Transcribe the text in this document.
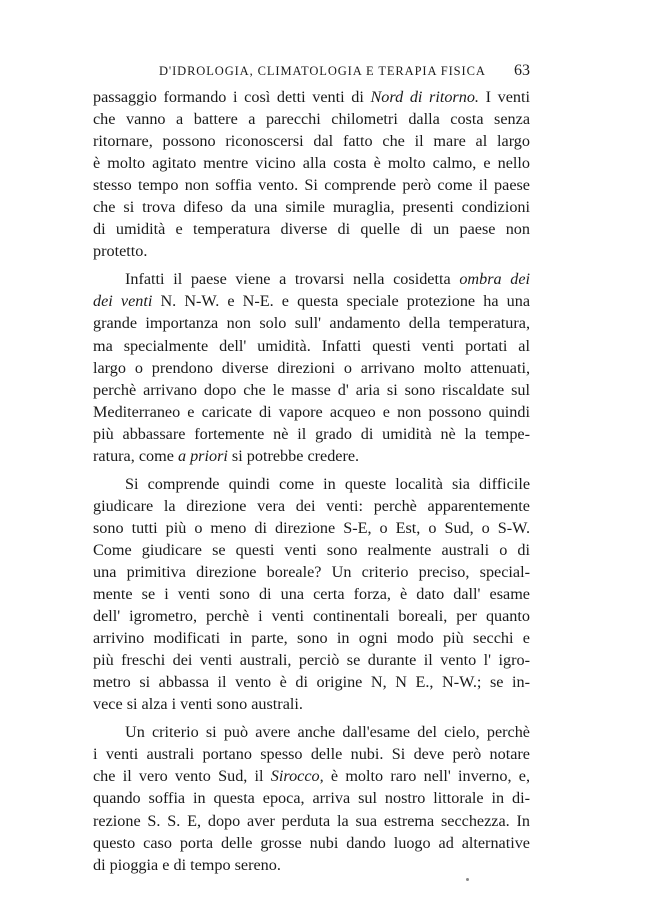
D'IDROLOGIA, CLIMATOLOGIA E TERAPIA FISICA 63
passaggio formando i così detti venti di Nord di ritorno. I venti
che vanno a battere a parecchi chilometri dalla costa senza
ritornare, possono riconoscersi dal fatto che il mare al largo
è molto agitato mentre vicino alla costa è molto calmo, e nello
stesso tempo non soffia vento. Si comprende però come il paese
che si trova difeso da una simile muraglia, presenti condizioni
di umidità e temperatura diverse di quelle di un paese non
protetto.
Infatti il paese viene a trovarsi nella cosidetta ombra dei
dei venti N. N-W. e N-E. e questa speciale protezione ha una
grande importanza non solo sull' andamento della temperatura,
ma specialmente dell' umidità. Infatti questi venti portati al
largo o prendono diverse direzioni o arrivano molto attenuati,
perchè arrivano dopo che le masse d' aria si sono riscaldate sul
Mediterraneo e caricate di vapore acqueo e non possono quindi
più abbassare fortemente nè il grado di umidità nè la tempe-
ratura, come a priori si potrebbe credere.
Si comprende quindi come in queste località sia difficile
giudicare la direzione vera dei venti: perchè apparentemente
sono tutti più o meno di direzione S-E, o Est, o Sud, o S-W.
Come giudicare se questi venti sono realmente australi o di
una primitiva direzione boreale? Un criterio preciso, special-
mente se i venti sono di una certa forza, è dato dall' esame
dell' igrometro, perchè i venti continentali boreali, per quanto
arrivino modificati in parte, sono in ogni modo più secchi e
più freschi dei venti australi, perciò se durante il vento l' igro-
metro si abbassa il vento è di origine N, N E., N-W.; se in-
vece si alza i venti sono australi.
Un criterio si può avere anche dall'esame del cielo, perchè
i venti australi portano spesso delle nubi. Si deve però notare
che il vero vento Sud, il Sirocco, è molto raro nell' inverno, e,
quando soffia in questa epoca, arriva sul nostro littorale in di-
rezione S. S. E, dopo aver perduta la sua estrema secchezza. In
questo caso porta delle grosse nubi dando luogo ad alternative
di pioggia e di tempo sereno.
